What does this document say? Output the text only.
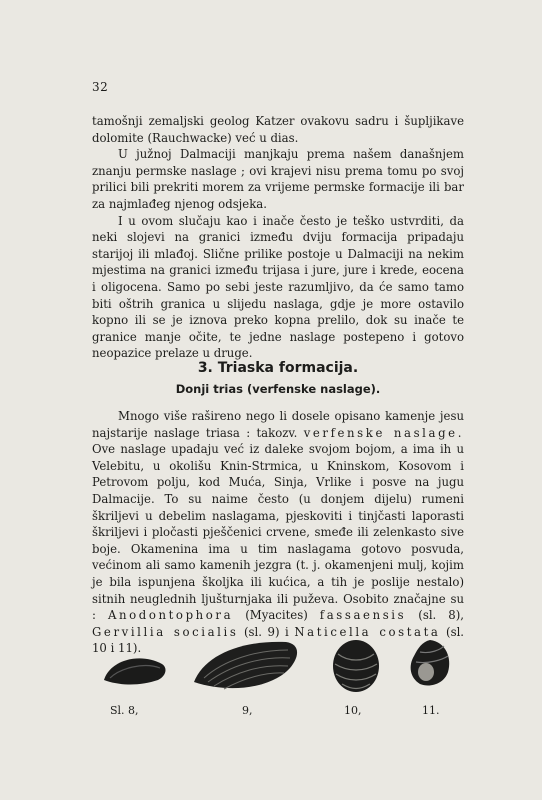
32

tamošnji zemaljski geolog Katzer ovakovu sadru i šupljikave dolomite (Rauchwacke) već u dias.

U južnoj Dalmaciji manjkaju prema našem današnjem znanju permske naslage ; ovi krajevi nisu prema tomu po svoj prilici bili prekriti morem za vrijeme permske formacije ili bar za najmlađeg njenog odsjeka.

I u ovom slučaju kao i inače često je teško ustvrditi, da neki slojevi na granici između dviju formacija pripadaju starijoj ili mlađoj. Slične prilike postoje u Dalmaciji na nekim mjestima na granici između trijasa i jure, jure i krede, eocena i oligocena. Samo po sebi jeste razumljivo, da će samo tamo biti oštrih granica u slijedu naslaga, gdje je more ostavilo kopno ili se je iznova preko kopna prelilo, dok su inače te granice manje očite, te jedne naslage postepeno i gotovo neopazice prelaze u druge.

3. Triaska formacija.
Donji trias (verfenske naslage).

Mnogo više rašireno nego li dosele opisano kamenje jesu najstarije naslage triasa : takozv. verfenske naslage. Ove naslage upadaju već iz daleke svojom bojom, a ima ih u Velebitu, u okolišu Knin-Strmica, u Kninskom, Kosovom i Petrovom polju, kod Muća, Sinja, Vrlike i posve na jugu Dalmacije. To su naime često (u donjem dijelu) rumeni škriljevi u debelim naslagama, pjeskoviti i tinjčasti laporasti škriljevi i pločasti pješčenici crvene, smeđe ili zelenkasto sive boje. Okamenina ima u tim naslagama gotovo posvuda, većinom ali samo kamenih jezgra (t. j. okamenjeni mulj, kojim je bila ispunjena školjka ili kućica, a tih je poslije nestalo) sitnih neuglednih ljušturnjaka ili puževa. Osobito značajne su : Anodontophora (Myacites) fassaensis (sl. 8), Gervillia socialis (sl. 9) i Naticella costata (sl. 10 i 11).

Sl. 8,	9,	10,	11.
